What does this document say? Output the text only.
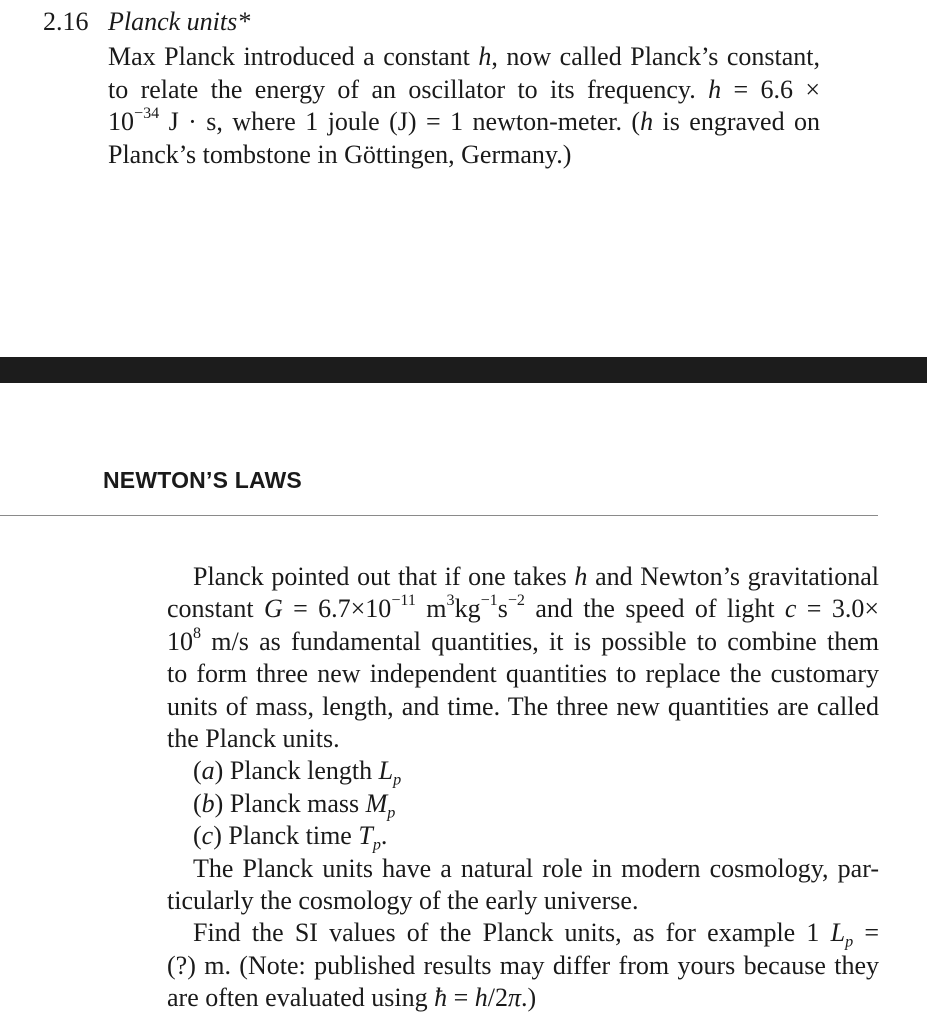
2.16 Planck units*
Max Planck introduced a constant h, now called Planck’s constant,
to relate the energy of an oscillator to its frequency. h = 6.6 ×
$10^{-34}$ J · s, where 1 joule (J) = 1 newton-meter. (h is engraved on
Planck’s tombstone in Göttingen, Germany.)
NEWTON’S LAWS
Planck pointed out that if one takes h and Newton’s gravitational
constant $G = 6.7\times 10^{-11}$ $m^3kg^{-1}s^{-2}$ and the speed of light c = 3.0×
$10^8$ m/s as fundamental quantities, it is possible to combine them
to form three new independent quantities to replace the customary
units of mass, length, and time. The three new quantities are called
the Planck units.
(a) Planck length $L_p$
(b) Planck mass $M_p$
(c) Planck time $T_p$.
The Planck units have a natural role in modern cosmology, par-
ticularly the cosmology of the early universe.
Find the SI values of the Planck units, as for example 1 $L_p$ =
(?) m. (Note: published results may differ from yours because they
are often evaluated using ħ = h/2π.)
